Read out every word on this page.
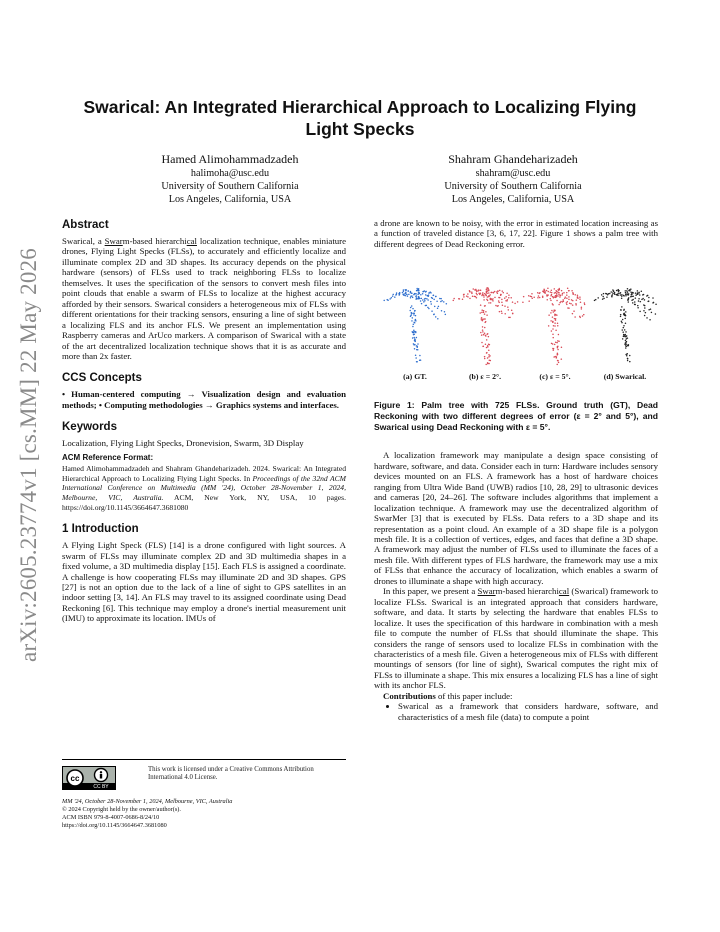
arXiv:2605.23774v1 [cs.MM] 22 May 2026
Swarical: An Integrated Hierarchical Approach to Localizing Flying Light Specks
Hamed Alimohammadzadeh
halimoha@usc.edu
University of Southern California
Los Angeles, California, USA
Shahram Ghandeharizadeh
shahram@usc.edu
University of Southern California
Los Angeles, California, USA
Abstract

Swarical, a Swarm-based hierarchical localization technique, enables miniature drones, Flying Light Specks (FLSs), to accurately and efficiently localize and illuminate complex 2D and 3D shapes. Its accuracy depends on the physical hardware (sensors) of FLSs used to track neighboring FLSs to localize themselves. It uses the specification of the sensors to convert mesh files into point clouds that enable a swarm of FLSs to localize at the highest accuracy afforded by their sensors. Swarical considers a heterogeneous mix of FLSs with different orientations for their tracking sensors, ensuring a line of sight between a localizing FLS and its anchor FLS. We present an implementation using Raspberry cameras and ArUco markers. A comparison of Swarical with a state of the art decentralized localization technique shows that it is as accurate and more than 2x faster.

CCS Concepts

• Human-centered computing → Visualization design and evaluation methods; • Computing methodologies → Graphics systems and interfaces.

Keywords

Localization, Flying Light Specks, Dronevision, Swarm, 3D Display

ACM Reference Format:

Hamed Alimohammadzadeh and Shahram Ghandeharizadeh. 2024. Swarical: An Integrated Hierarchical Approach to Localizing Flying Light Specks. In Proceedings of the 32nd ACM International Conference on Multimedia (MM '24), October 28-November 1, 2024, Melbourne, VIC, Australia. ACM, New York, NY, USA, 10 pages. https://doi.org/10.1145/3664647.3681080

1 Introduction

A Flying Light Speck (FLS) [14] is a drone configured with light sources. A swarm of FLSs may illuminate complex 2D and 3D multimedia shapes in a fixed volume, a 3D multimedia display [15]. Each FLS is assigned a coordinate. A challenge is how cooperating FLSs may illuminate 2D and 3D shapes. GPS [27] is not an option due to the lack of a line of sight to GPS satellites in an indoor setting [3, 14]. An FLS may travel to its assigned coordinate using Dead Reckoning [6]. This technique may employ a drone's inertial measurement unit (IMU) to approximate its location. IMUs of

cc
CC BY
This work is licensed under a Creative Commons Attribution International 4.0 License.
MM '24, October 28-November 1, 2024, Melbourne, VIC, Australia
© 2024 Copyright held by the owner/author(s).
ACM ISBN 979-8-4007-0686-8/24/10
https://doi.org/10.1145/3664647.3681080

a drone are known to be noisy, with the error in estimated location increasing as a function of traveled distance [3, 6, 17, 22]. Figure 1 shows a palm tree with different degrees of Dead Reckoning error.

(a) GT.	(b) ε = 2°.	(c) ε = 5°.	(d) Swarical.

Figure 1: Palm tree with 725 FLSs. Ground truth (GT), Dead Reckoning with two different degrees of error (ε = 2° and 5°), and Swarical using Dead Reckoning with ε = 5°.

A localization framework may manipulate a design space consisting of hardware, software, and data. Consider each in turn: Hardware includes sensory devices mounted on an FLS. A framework has a host of hardware choices ranging from Ultra Wide Band (UWB) radios [10, 28, 29] to ultrasonic devices and cameras [20, 24–26]. The software includes algorithms that implement a localization technique. A framework may use the decentralized algorithm of SwarMer [3] that is executed by FLSs. Data refers to a 3D shape and its representation as a point cloud. An example of a 3D shape file is a polygon mesh file. It is a collection of vertices, edges, and faces that define a 3D shape. A framework may adjust the number of FLSs used to illuminate the faces of a mesh file. With different types of FLS hardware, the framework may use a mix of FLSs that enhance the accuracy of localization, which enables a swarm of drones to illuminate a shape with high accuracy.

In this paper, we present a Swarm-based hierarchical (Swarical) framework to localize FLSs. Swarical is an integrated approach that considers hardware, software, and data. It starts by selecting the hardware that enables FLSs to localize. It uses the specification of this hardware in combination with a mesh file to compute the number of FLSs that should illuminate the shape. This considers the range of sensors used to localize FLSs in combination with the characteristics of a mesh file. Given a heterogeneous mix of FLSs with different mountings of sensors (for line of sight), Swarical computes the right mix of FLSs to illuminate a shape. This mix ensures a localizing FLS has a line of sight with its anchor FLS.

Contributions of this paper include:

• Swarical as a framework that considers hardware, software, and characteristics of a mesh file (data) to compute a point
